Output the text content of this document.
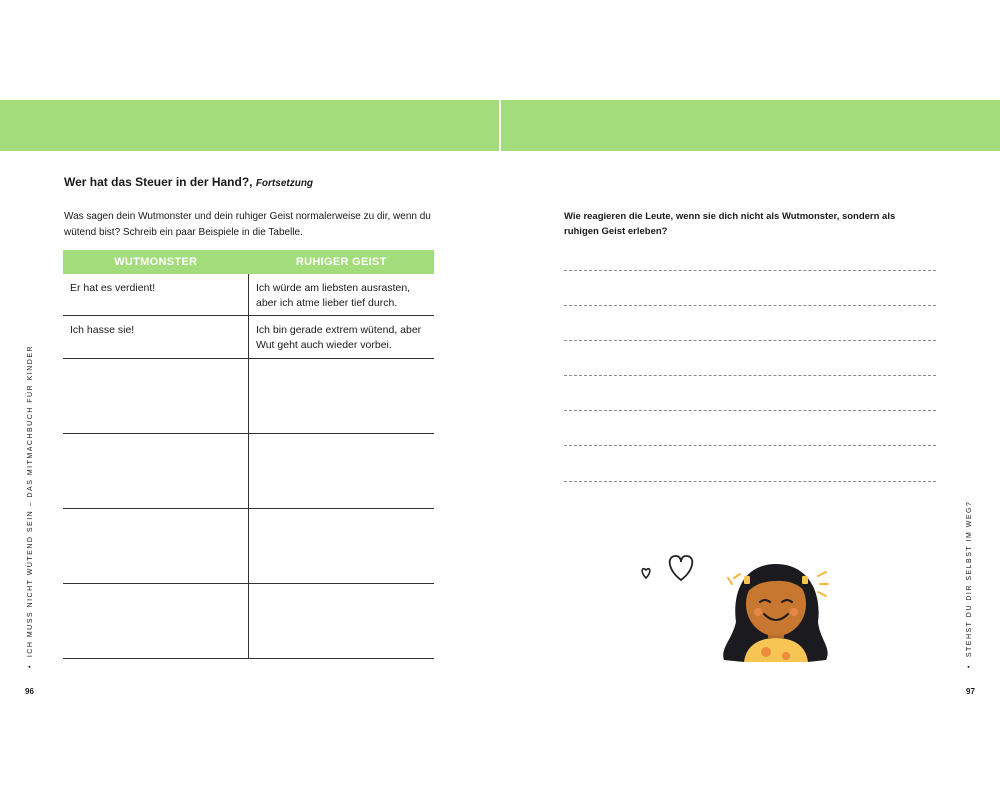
Wer hat das Steuer in der Hand?, Fortsetzung
Was sagen dein Wutmonster und dein ruhiger Geist normalerweise zu dir, wenn du wütend bist? Schreib ein paar Beispiele in die Tabelle.
WUTMONSTER	RUHIGER GEIST
Er hat es verdient!	Ich würde am liebsten ausrasten, aber ich atme lieber tief durch.
Ich hasse sie!	Ich bin gerade extrem wütend, aber Wut geht auch wieder vorbei.

•  ICH MUSS NICHT WÜTEND SEIN – DAS MITMACHBUCH FÜR KINDER
96
Wie reagieren die Leute, wenn sie dich nicht als Wutmonster, sondern als ruhigen Geist erleben?
•  STEHST DU DIR SELBST IM WEG?
97
